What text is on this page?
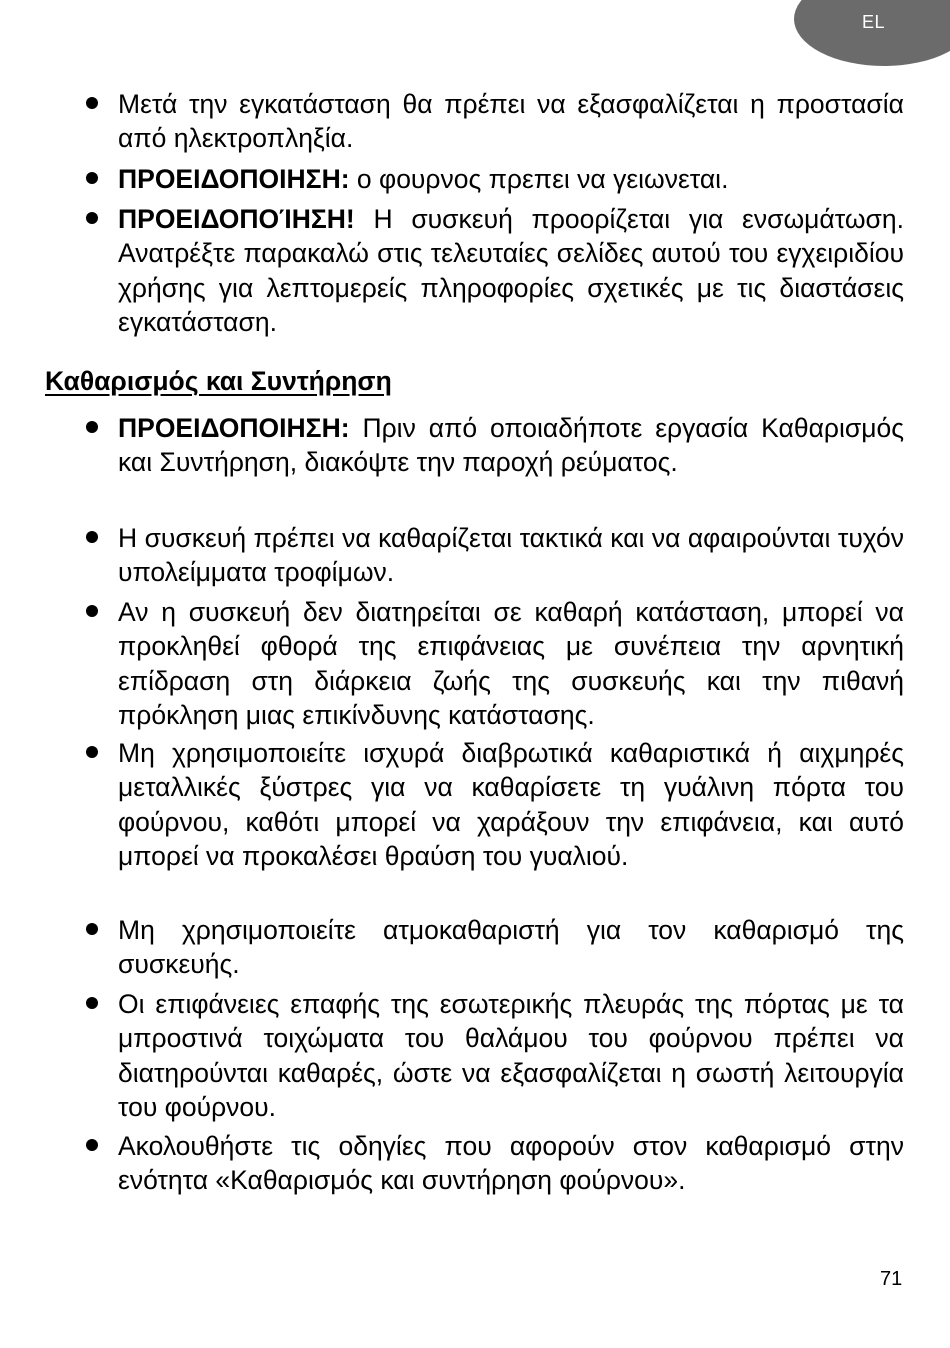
EL
Μετά την εγκατάσταση θα πρέπει να εξασφαλίζεται η προστασία από ηλεκτροπληξία.
ΠΡΟΕΙΔΟΠΟΙΗΣΗ: ο φουρνος πρεπει να γειωνεται.
ΠΡΟΕΙΔΟΠΟΊΗΣΗ! Η συσκευή προορίζεται για ενσωμάτωση. Ανατρέξτε παρακαλώ στις τελευταίες σελίδες αυτού του εγχειριδίου χρήσης για λεπτομερείς πληροφορίες σχετικές με τις διαστάσεις εγκατάσταση.
Καθαρισμός και Συντήρηση
ΠΡΟΕΙΔΟΠΟΙΗΣΗ: Πριν από οποιαδήποτε εργασία Καθαρισμός και Συντήρηση, διακόψτε την παροχή ρεύματος.
Η συσκευή πρέπει να καθαρίζεται τακτικά και να αφαιρούνται τυχόν υπολείμματα τροφίμων.
Αν η συσκευή δεν διατηρείται σε καθαρή κατάσταση, μπορεί να προκληθεί φθορά της επιφάνειας με συνέπεια την αρνητική επίδραση στη διάρκεια ζωής της συσκευής και την πιθανή πρόκληση μιας επικίνδυνης κατάστασης.
Μη χρησιμοποιείτε ισχυρά διαβρωτικά καθαριστικά ή αιχμηρές μεταλλικές ξύστρες για να καθαρίσετε τη γυάλινη πόρτα του φούρνου, καθότι μπορεί να χαράξουν την επιφάνεια, και αυτό μπορεί να προκαλέσει θραύση του γυαλιού.
Μη χρησιμοποιείτε ατμοκαθαριστή για τον καθαρισμό της συσκευής.
Οι επιφάνειες επαφής της εσωτερικής πλευράς της πόρτας με τα μπροστινά τοιχώματα του θαλάμου του φούρνου πρέπει να διατηρούνται καθαρές, ώστε να εξασφαλίζεται η σωστή λειτουργία του φούρνου.
Ακολουθήστε τις οδηγίες που αφορούν στον καθαρισμό στην ενότητα «Καθαρισμός και συντήρηση φούρνου».
71
